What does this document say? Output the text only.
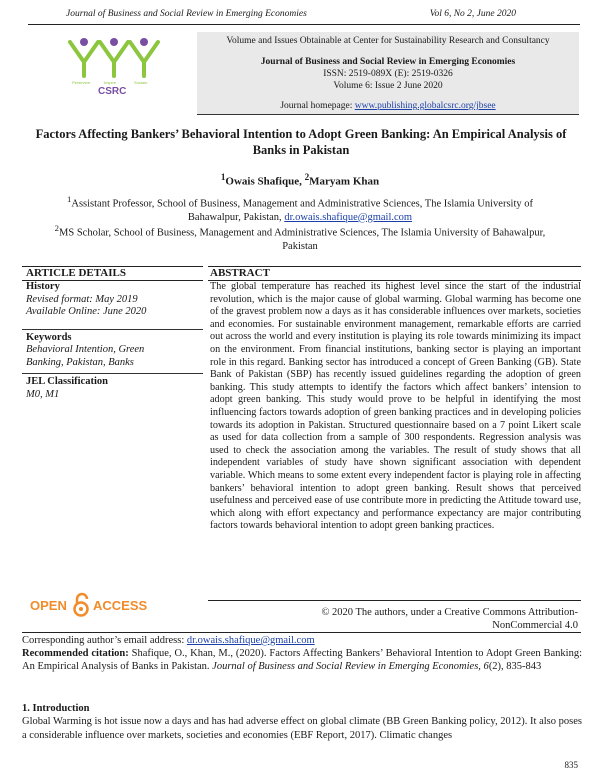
Journal of Business and Social Review in Emerging Economies	Vol 6, No 2, June 2020
Persevere	Inspire	Sustain
CSRC
Volume and Issues Obtainable at Center for Sustainability Research and Consultancy
Journal of Business and Social Review in Emerging Economies
ISSN: 2519-089X (E): 2519-0326
Volume 6: Issue 2 June 2020
Journal homepage: www.publishing.globalcsrc.org/jbsee
Factors Affecting Bankers’ Behavioral Intention to Adopt Green Banking: An Empirical Analysis of Banks in Pakistan
$^1$Owais Shafique, $^2$Maryam Khan
$^1$Assistant Professor, School of Business, Management and Administrative Sciences, The Islamia University of
Bahawalpur, Pakistan, dr.owais.shafique@gmail.com
$^2$MS Scholar, School of Business, Management and Administrative Sciences, The Islamia University of Bahawalpur,
Pakistan
ARTICLE DETAILS	ABSTRACT
History
Revised format: May 2019
Available Online: June 2020
Keywords
Behavioral Intention, Green
Banking, Pakistan, Banks
JEL Classification
M0, M1
The global temperature has reached its highest level since the start of the industrial revolution, which is the major cause of global warming. Global warming has become one of the gravest problem now a days as it has considerable influences over markets, societies and economies. For sustainable environment management, remarkable efforts are carried out across the world and every institution is playing its role towards minimizing its impact on the environment. From financial institutions, banking sector is playing an important role in this regard. Banking sector has introduced a concept of Green Banking (GB). State Bank of Pakistan (SBP) has recently issued guidelines regarding the adoption of green banking. This study attempts to identify the factors which affect bankers’ intension to adopt green banking. This study would prove to be helpful in identifying the most influencing factors towards adoption of green banking practices and in developing policies towards its adoption in Pakistan. Structured questionnaire based on a 7 point Likert scale as used for data collection from a sample of 300 respondents. Regression analysis was used to check the association among the variables. The result of study shows that all independent variables of study have shown significant association with dependent variable. Which means to some extent every independent factor is playing role in affecting bankers’ behavioral intention to adopt green banking. Result shows that perceived usefulness and perceived ease of use contribute more in predicting the Attitude toward use, which along with effort expectancy and performance expectancy are major contributing factors towards behavioral intention to adopt green banking practices.
OPEN ACCESS	© 2020 The authors, under a Creative Commons Attribution-
NonCommercial 4.0
Corresponding author’s email address: dr.owais.shafique@gmail.com
Recommended citation: Shafique, O., Khan, M., (2020). Factors Affecting Bankers’ Behavioral Intention to Adopt Green Banking: An Empirical Analysis of Banks in Pakistan. Journal of Business and Social Review in Emerging Economies, 6(2), 835-843
1. Introduction
Global Warming is hot issue now a days and has had adverse effect on global climate (BB Green Banking policy, 2012). It also poses a considerable influence over markets, societies and economies (EBF Report, 2017). Climatic changes
835
